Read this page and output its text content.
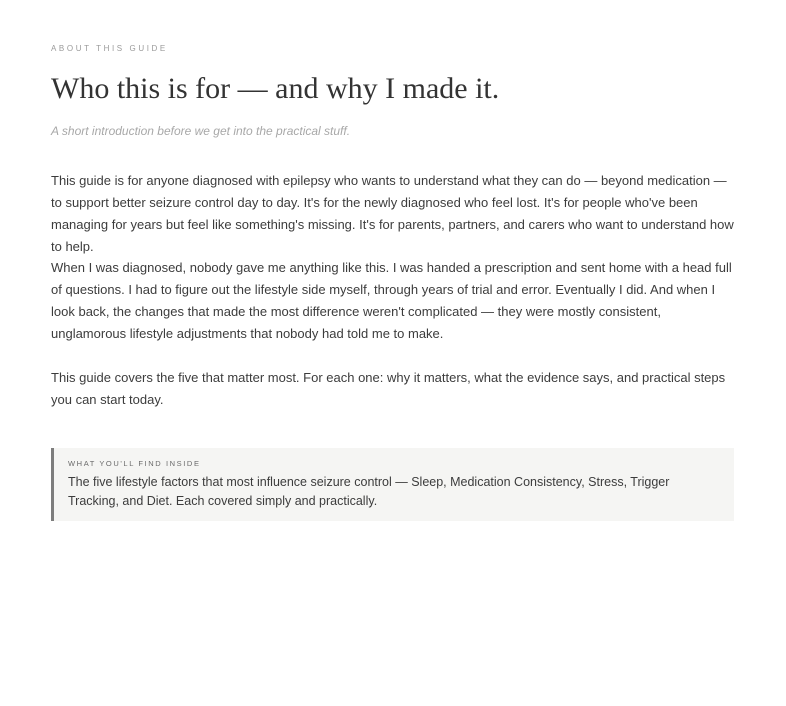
ABOUT THIS GUIDE
Who this is for — and why I made it.

A short introduction before we get into the practical stuff.

This guide is for anyone diagnosed with epilepsy who wants to understand what they can do — beyond medication — to support better seizure control day to day. It's for the newly diagnosed who feel lost. It's for people who've been managing for years but feel like something's missing. It's for parents, partners, and carers who want to understand how to help.

When I was diagnosed, nobody gave me anything like this. I was handed a prescription and sent home with a head full of questions. I had to figure out the lifestyle side myself, through years of trial and error. Eventually I did. And when I look back, the changes that made the most difference weren't complicated — they were mostly consistent, unglamorous lifestyle adjustments that nobody had told me to make.

This guide covers the five that matter most. For each one: why it matters, what the evidence says, and practical steps you can start today.

WHAT YOU'LL FIND INSIDE

The five lifestyle factors that most influence seizure control — Sleep, Medication Consistency, Stress, Trigger Tracking, and Diet. Each covered simply and practically.
